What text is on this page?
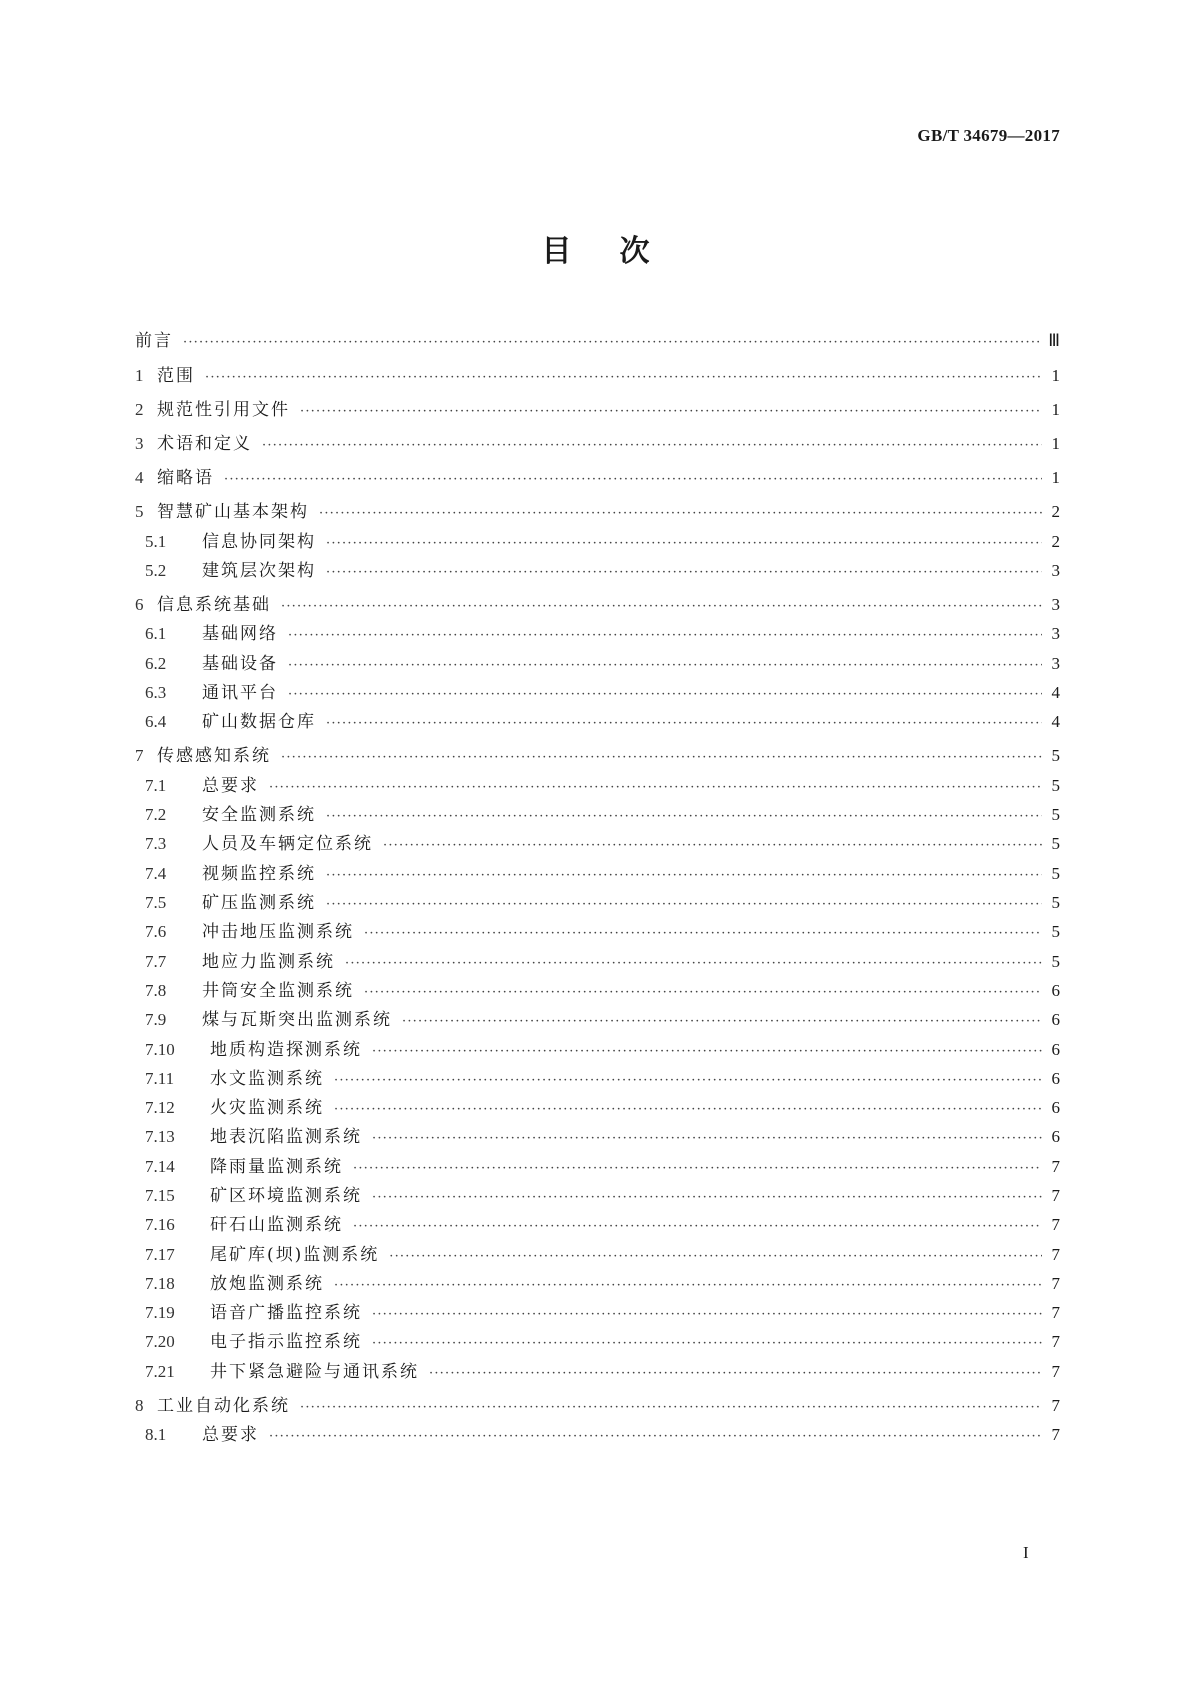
GB/T 34679—2017
目 次
前言 ·····	Ⅲ
1 范围 ·····	1
2 规范性引用文件 ·····	1
3 术语和定义 ·····	1
4 缩略语 ·····	1
5 智慧矿山基本架构 ·····	2
5.1	信息协同架构 ·····	2
5.2	建筑层次架构 ·····	3
6 信息系统基础 ·····	3
6.1	基础网络 ·····	3
6.2	基础设备 ·····	3
6.3	通讯平台 ·····	4
6.4	矿山数据仓库 ·····	4
7 传感感知系统 ·····	5
7.1	总要求 ·····	5
7.2	安全监测系统 ·····	5
7.3	人员及车辆定位系统 ·····	5
7.4	视频监控系统 ·····	5
7.5	矿压监测系统 ·····	5
7.6	冲击地压监测系统 ·····	5
7.7	地应力监测系统 ·····	5
7.8	井筒安全监测系统 ·····	6
7.9	煤与瓦斯突出监测系统 ·····	6
7.10	地质构造探测系统 ·····	6
7.11	水文监测系统 ·····	6
7.12	火灾监测系统 ·····	6
7.13	地表沉陷监测系统 ·····	6
7.14	降雨量监测系统 ·····	7
7.15	矿区环境监测系统 ·····	7
7.16	矸石山监测系统 ·····	7
7.17	尾矿库(坝)监测系统 ·····	7
7.18	放炮监测系统 ·····	7
7.19	语音广播监控系统 ·····	7
7.20	电子指示监控系统 ·····	7
7.21	井下紧急避险与通讯系统 ·····	7
8 工业自动化系统 ·····	7
8.1	总要求 ·····	7
I
